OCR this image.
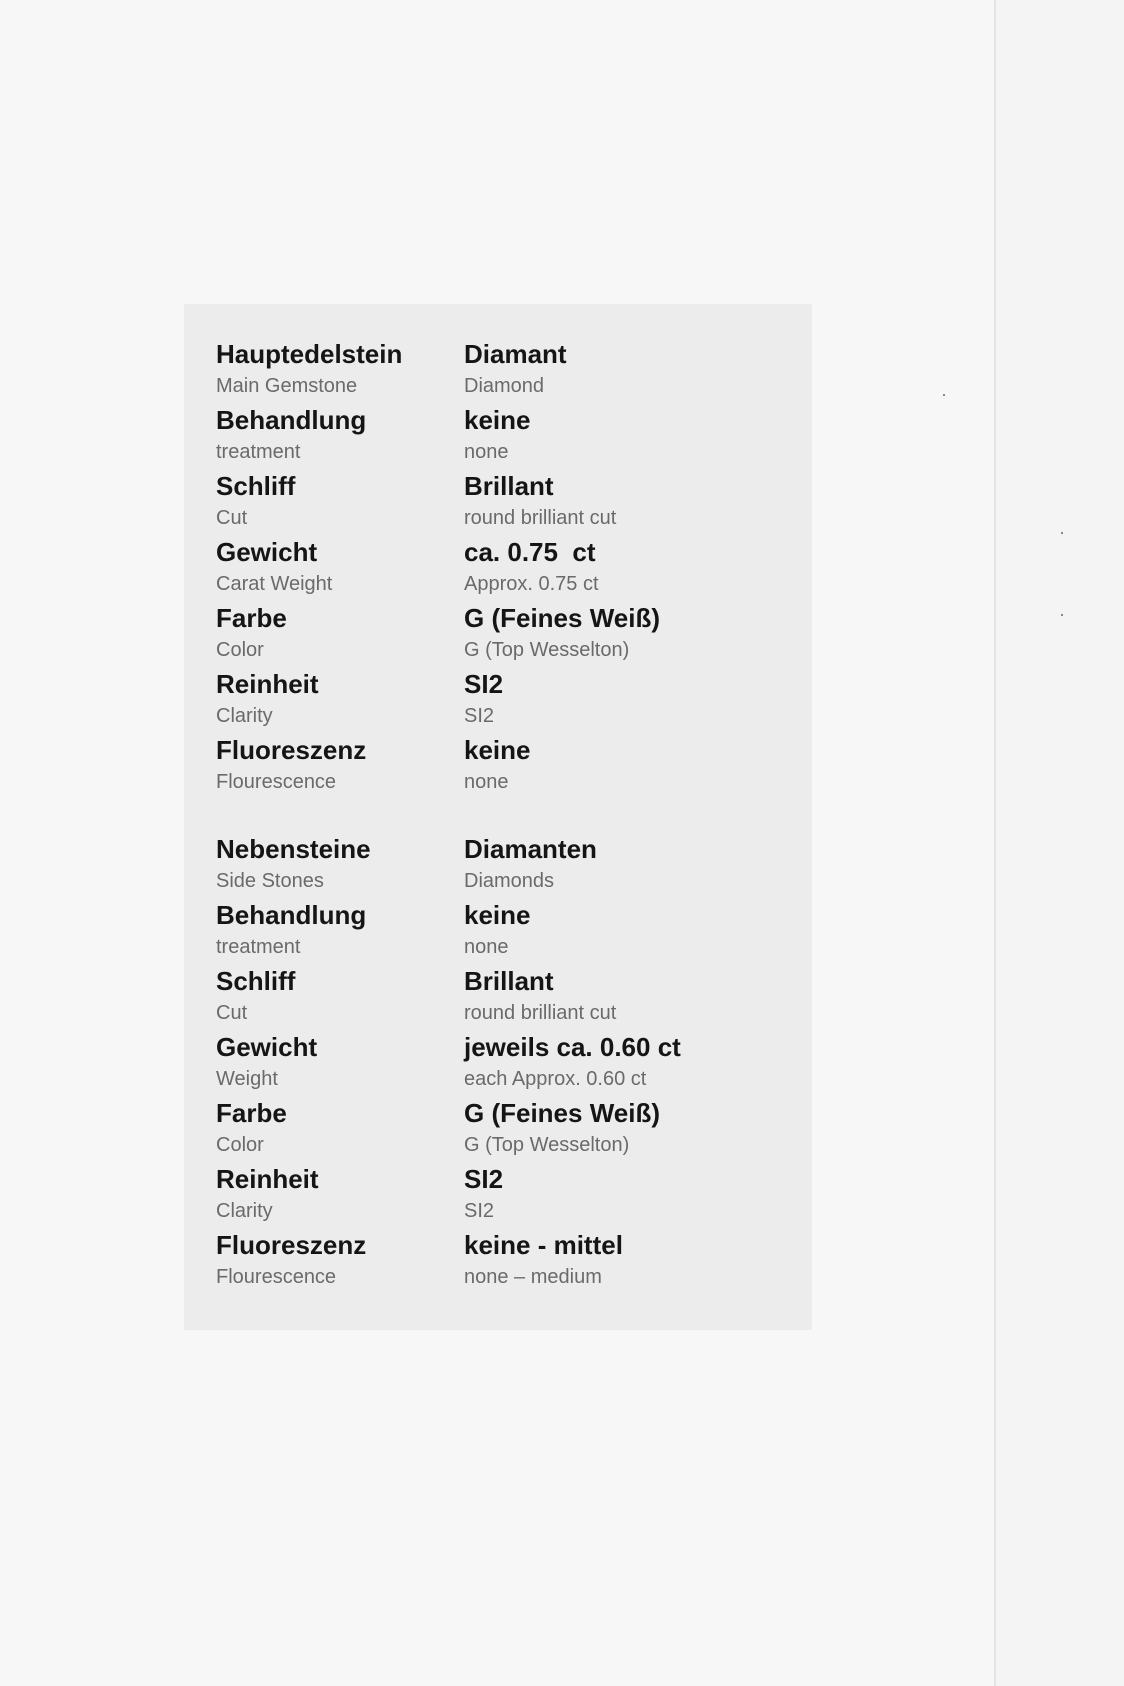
Hauptedelstein
Main Gemstone
Diamant
Diamond
Behandlung
treatment
keine
none
Schliff
Cut
Brillant
round brilliant cut
Gewicht
Carat Weight
ca. 0.75  ct
Approx. 0.75 ct
Farbe
Color
G (Feines Weiß)
G (Top Wesselton)
Reinheit
Clarity
SI2
SI2
Fluoreszenz
Flourescence
keine
none
Nebensteine
Side Stones
Diamanten
Diamonds
Behandlung
treatment
keine
none
Schliff
Cut
Brillant
round brilliant cut
Gewicht
Weight
jeweils ca. 0.60 ct
each Approx. 0.60 ct
Farbe
Color
G (Feines Weiß)
G (Top Wesselton)
Reinheit
Clarity
SI2
SI2
Fluoreszenz
Flourescence
keine - mittel
none – medium
